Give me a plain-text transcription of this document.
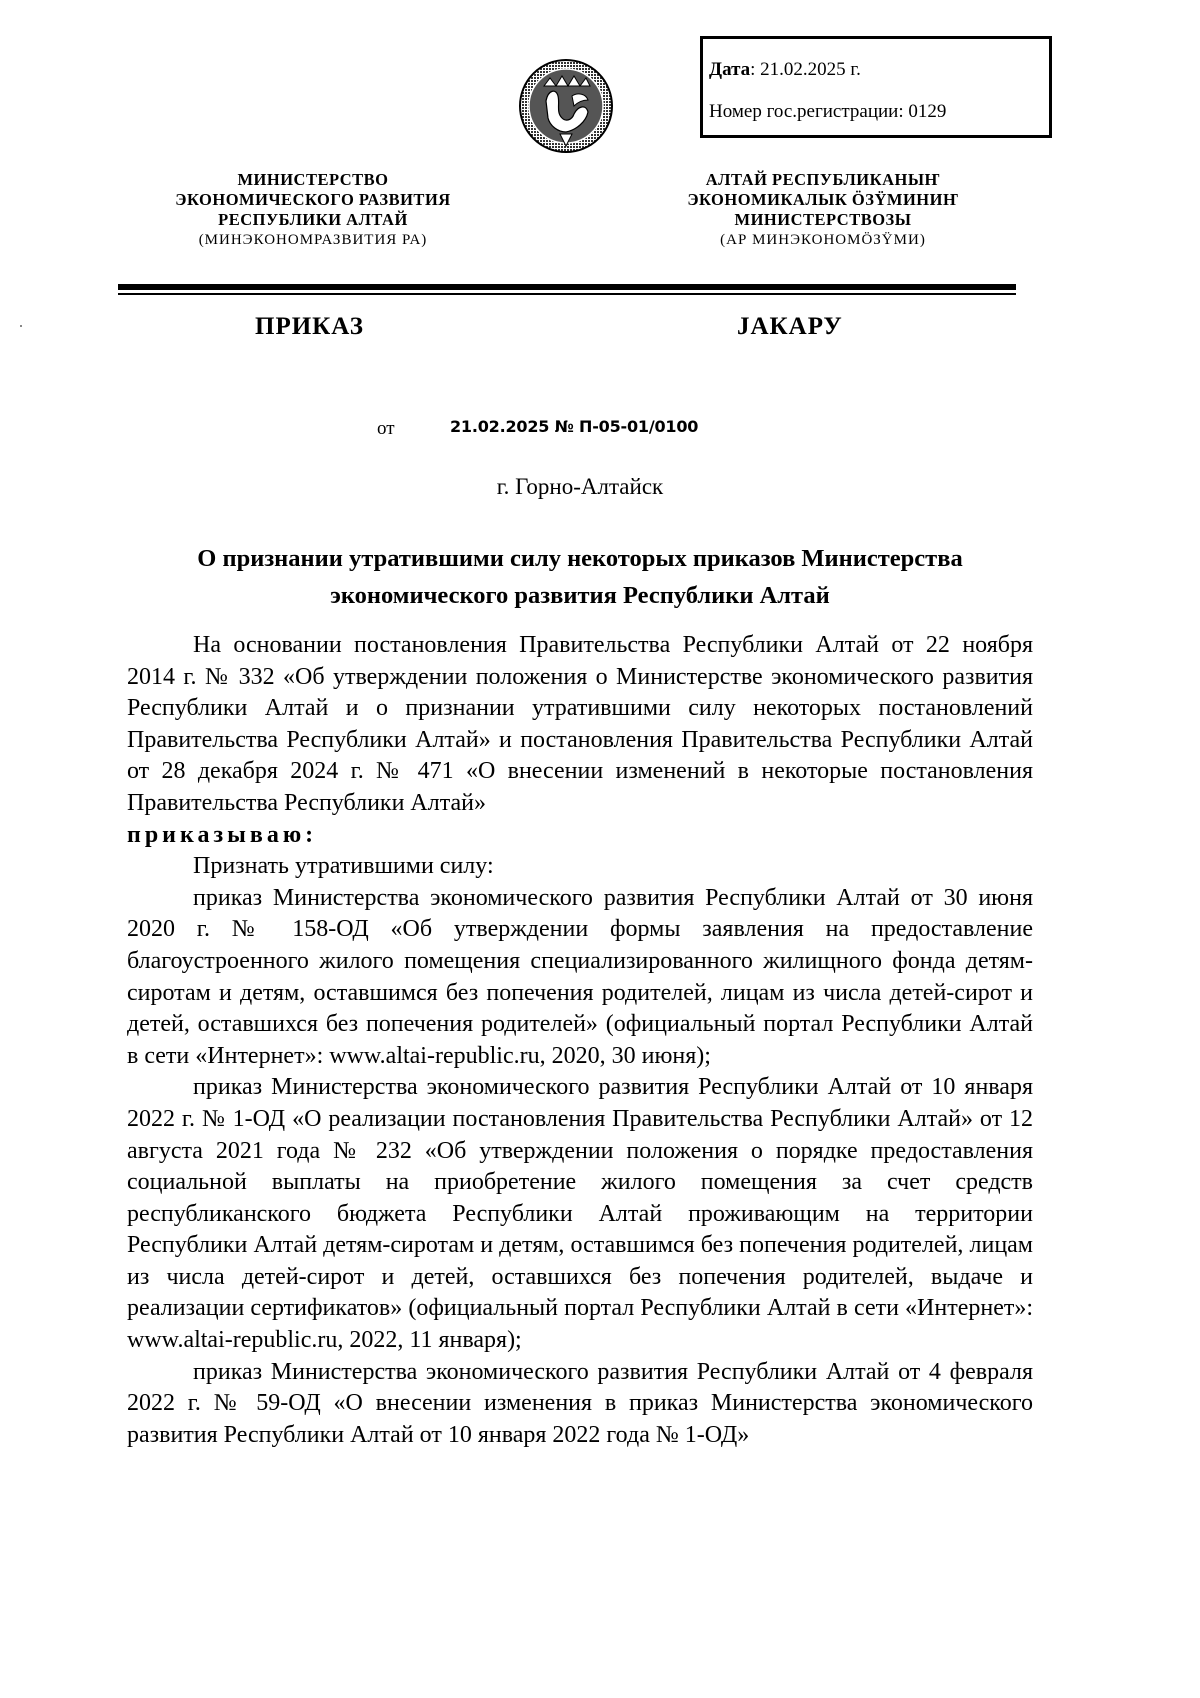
Дата: 21.02.2025 г.
Номер гос.регистрации: 0129
МИНИСТЕРСТВО
ЭКОНОМИЧЕСКОГО РАЗВИТИЯ
РЕСПУБЛИКИ АЛТАЙ
(МИНЭКОНОМРАЗВИТИЯ РА)
АЛТАЙ РЕСПУБЛИКАНЫҤ
ЭКОНОМИКАЛЫК ÖЗŸМИНИҤ
МИНИСТЕРСТВОЗЫ
(АР МИНЭКОНОМÖЗŸМИ)
ПРИКАЗ	JАКАРУ
от	21.02.2025 № П-05-01/0100
г. Горно-Алтайск
О признании утратившими силу некоторых приказов Министерства
экономического развития Республики Алтай

На основании постановления Правительства Республики Алтай от 22 ноября 2014 г. № 332 «Об утверждении положения о Министерстве экономического развития Республики Алтай и о признании утратившими силу некоторых постановлений Правительства Республики Алтай» и постановления Правительства Республики Алтай от 28 декабря 2024 г. № 471 «О внесении изменений в некоторые постановления Правительства Республики Алтай»

приказываю:

Признать утратившими силу:

приказ Министерства экономического развития Республики Алтай от 30 июня 2020 г. № 158-ОД «Об утверждении формы заявления на предоставление благоустроенного жилого помещения специализированного жилищного фонда детям-сиротам и детям, оставшимся без попечения родителей, лицам из числа детей-сирот и детей, оставшихся без попечения родителей» (официальный портал Республики Алтай в сети «Интернет»: www.altai-republic.ru, 2020, 30 июня);

приказ Министерства экономического развития Республики Алтай от 10 января 2022 г. № 1-ОД «О реализации постановления Правительства Республики Алтай» от 12 августа 2021 года № 232 «Об утверждении положения о порядке предоставления социальной выплаты на приобретение жилого помещения за счет средств республиканского бюджета Республики Алтай проживающим на территории Республики Алтай детям-сиротам и детям, оставшимся без попечения родителей, лицам из числа детей-сирот и детей, оставшихся без попечения родителей, выдаче и реализации сертификатов» (официальный портал Республики Алтай в сети «Интернет»: www.altai-republic.ru, 2022, 11 января);

приказ Министерства экономического развития Республики Алтай от 4 февраля 2022 г. № 59-ОД «О внесении изменения в приказ Министерства экономического развития Республики Алтай от 10 января 2022 года № 1-ОД»
